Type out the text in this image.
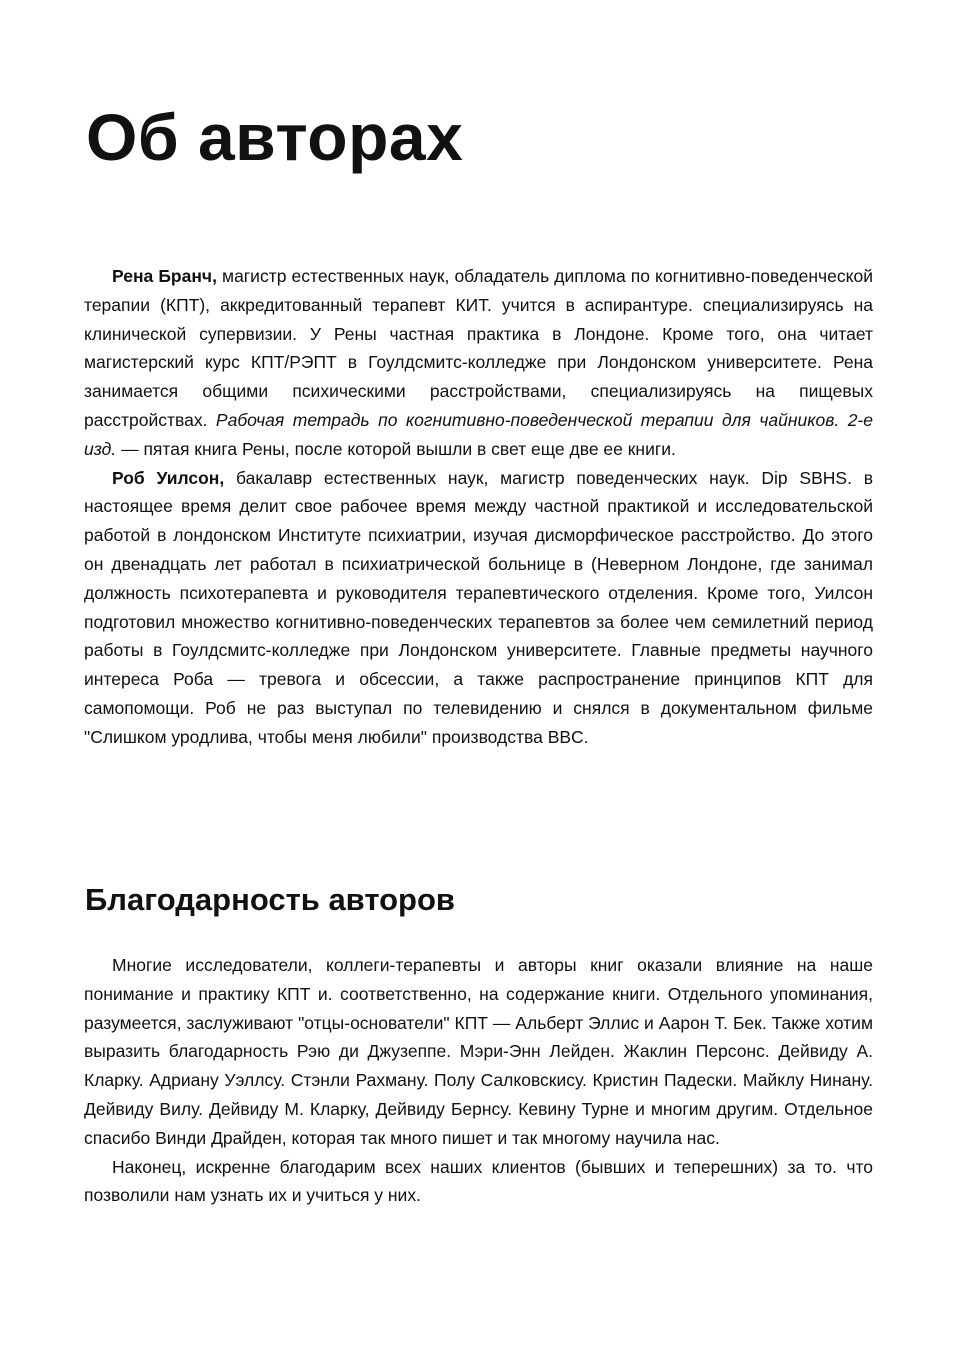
Об авторах

Рена Бранч, магистр естественных наук, обладатель диплома по когнитивно-поведенческой терапии (КПТ), аккредитованный терапевт КИТ. учится в аспирантуре. специализируясь на клинической супервизии. У Рены частная практика в Лондоне. Кроме того, она читает магистерский курс КПТ/РЭПТ в Гоулдсмитс-колледже при Лондонском университете. Рена занимается общими психическими расстройствами, специализируясь на пищевых расстройствах. Рабочая тетрадь по когнитивно-поведенческой терапии для чайников. 2-е изд. — пятая книга Рены, после которой вышли в свет еще две ее книги.

Роб Уилсон, бакалавр естественных наук, магистр поведенческих наук. Dip SBHS. в настоящее время делит свое рабочее время между частной практикой и исследовательской работой в лондонском Институте психиатрии, изучая дисморфическое расстройство. До этого он двенадцать лет работал в психиатрической больнице в (Неверном Лондоне, где занимал должность психотерапевта и руководителя терапевтического отделения. Кроме того, Уилсон подготовил множество когнитивно-поведенческих терапевтов за более чем семилетний период работы в Гоулдсмитс-колледже при Лондонском университете. Главные предметы научного интереса Роба — тревога и обсессии, а также распространение принципов КПТ для самопомощи. Роб не раз выступал по телевидению и снялся в документальном фильме "Слишком уродлива, чтобы меня любили" производства BBC.

Благодарность авторов

Многие исследователи, коллеги-терапевты и авторы книг оказали влияние на наше понимание и практику КПТ и. соответственно, на содержание книги. Отдельного упоминания, разумеется, заслуживают "отцы-основатели" КПТ — Альберт Эллис и Аарон Т. Бек. Также хотим выразить благодарность Рэю ди Джузеппе. Мэри-Энн Лейден. Жаклин Персонс. Дейвиду А. Кларку. Адриану Уэллсу. Стэнли Рахману. Полу Салковскису. Кристин Падески. Майклу Нинану. Дейвиду Вилу. Дейвиду М. Кларку, Дейвиду Бернсу. Кевину Турне и многим другим. Отдельное спасибо Винди Драйден, которая так много пишет и так многому научила нас.

Наконец, искренне благодарим всех наших клиентов (бывших и теперешних) за то. что позволили нам узнать их и учиться у них.
